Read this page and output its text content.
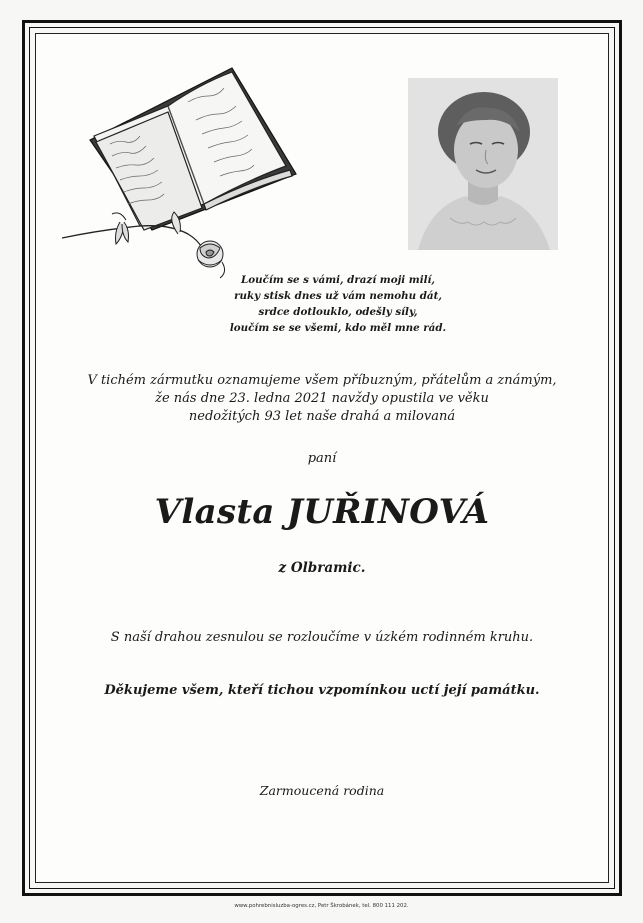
Loučím se s vámi, drazí moji milí,
ruky stisk dnes už vám nemohu dát,
srdce dotlouklo, odešly síly,
loučím se se všemi, kdo měl mne rád.
V tichém zármutku oznamujeme všem příbuzným, přátelům a známým,
že nás dne 23. ledna 2021 navždy opustila ve věku
nedožitých 93 let naše drahá a milovaná
paní
Vlasta JUŘINOVÁ
z Olbramic.
S naší drahou zesnulou se rozloučíme v úzkém rodinném kruhu.
Děkujeme všem, kteří tichou vzpomínkou uctí její památku.
Zarmoucená rodina
www.pohrebnisluzba-ogres.cz, Petr Škrobánek, tel. 800 111 202.
